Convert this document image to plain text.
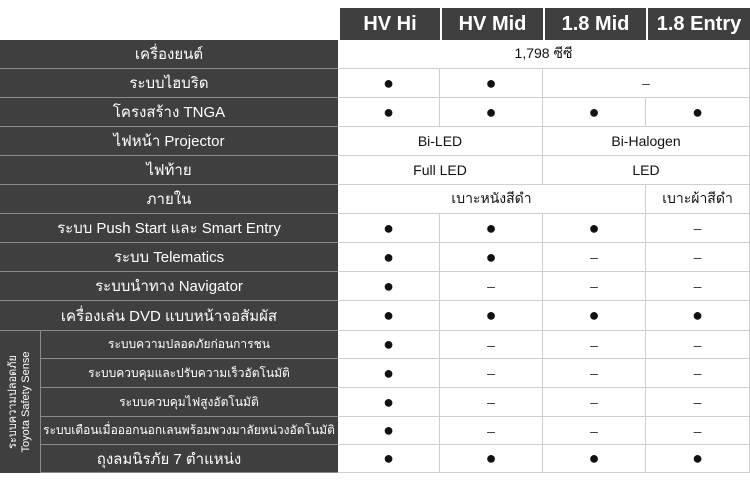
HV Hi	HV Mid	1.8 Mid	1.8 Entry
เครื่องยนต์	1,798 ซีซี
ระบบไฮบริด	●	●	–
โครงสร้าง TNGA	●	●	●	●
ไฟหน้า Projector	Bi-LED	Bi-Halogen
ไฟท้าย	Full LED	LED
ภายใน	เบาะหนังสีดำ	เบาะผ้าสีดำ
ระบบ Push Start และ Smart Entry	●	●	●	–
ระบบ Telematics	●	●	–	–
ระบบนำทาง Navigator	●	–	–	–
เครื่องเล่น DVD แบบหน้าจอสัมผัส	●	●	●	●
ระบบความปลอดภัยก่อนการชน	●	–	–	–
ระบบควบคุมและปรับความเร็วอัตโนมัติ	●	–	–	–
ระบบควบคุมไฟสูงอัตโนมัติ	●	–	–	–
ระบบเตือนเมื่อออกนอกเลนพร้อมพวงมาลัยหน่วงอัตโนมัติ	●	–	–	–
ถุงลมนิรภัย 7 ตำแหน่ง	●	●	●	●
ระบบความปลอดภัย Toyota Safety Sense
